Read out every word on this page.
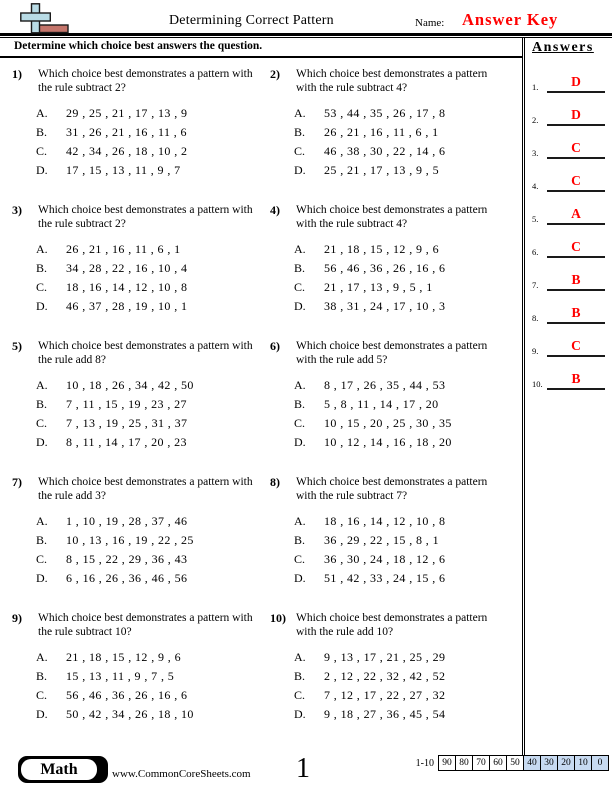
Determining Correct Pattern	Name: Answer Key
Determine which choice best answers the question.
1)	Which choice best demonstrates a pattern with the rule subtract 2?
A.	29 , 25 , 21 , 17 , 13 , 9
B.	31 , 26 , 21 , 16 , 11 , 6
C.	42 , 34 , 26 , 18 , 10 , 2
D.	17 , 15 , 13 , 11 , 9 , 7
2)	Which choice best demonstrates a pattern with the rule subtract 4?
A.	53 , 44 , 35 , 26 , 17 , 8
B.	26 , 21 , 16 , 11 , 6 , 1
C.	46 , 38 , 30 , 22 , 14 , 6
D.	25 , 21 , 17 , 13 , 9 , 5
3)	Which choice best demonstrates a pattern with the rule subtract 2?
A.	26 , 21 , 16 , 11 , 6 , 1
B.	34 , 28 , 22 , 16 , 10 , 4
C.	18 , 16 , 14 , 12 , 10 , 8
D.	46 , 37 , 28 , 19 , 10 , 1
4)	Which choice best demonstrates a pattern with the rule subtract 4?
A.	21 , 18 , 15 , 12 , 9 , 6
B.	56 , 46 , 36 , 26 , 16 , 6
C.	21 , 17 , 13 , 9 , 5 , 1
D.	38 , 31 , 24 , 17 , 10 , 3
5)	Which choice best demonstrates a pattern with the rule add 8?
A.	10 , 18 , 26 , 34 , 42 , 50
B.	7 , 11 , 15 , 19 , 23 , 27
C.	7 , 13 , 19 , 25 , 31 , 37
D.	8 , 11 , 14 , 17 , 20 , 23
6)	Which choice best demonstrates a pattern with the rule add 5?
A.	8 , 17 , 26 , 35 , 44 , 53
B.	5 , 8 , 11 , 14 , 17 , 20
C.	10 , 15 , 20 , 25 , 30 , 35
D.	10 , 12 , 14 , 16 , 18 , 20
7)	Which choice best demonstrates a pattern with the rule add 3?
A.	1 , 10 , 19 , 28 , 37 , 46
B.	10 , 13 , 16 , 19 , 22 , 25
C.	8 , 15 , 22 , 29 , 36 , 43
D.	6 , 16 , 26 , 36 , 46 , 56
8)	Which choice best demonstrates a pattern with the rule subtract 7?
A.	18 , 16 , 14 , 12 , 10 , 8
B.	36 , 29 , 22 , 15 , 8 , 1
C.	36 , 30 , 24 , 18 , 12 , 6
D.	51 , 42 , 33 , 24 , 15 , 6
9)	Which choice best demonstrates a pattern with the rule subtract 10?
A.	21 , 18 , 15 , 12 , 9 , 6
B.	15 , 13 , 11 , 9 , 7 , 5
C.	56 , 46 , 36 , 26 , 16 , 6
D.	50 , 42 , 34 , 26 , 18 , 10
10) Which choice best demonstrates a pattern with the rule add 10?
A.	9 , 13 , 17 , 21 , 25 , 29
B.	2 , 12 , 22 , 32 , 42 , 52
C.	7 , 12 , 17 , 22 , 27 , 32
D.	9 , 18 , 27 , 36 , 45 , 54
Answers
1.	D
2.	D
3.	C
4.	C
5.	A
6.	C
7.	B
8.	B
9.	C
10.	B
Math	www.CommonCoreSheets.com 1	1-10 90 80 70 60 50 40 30 20 10	0
